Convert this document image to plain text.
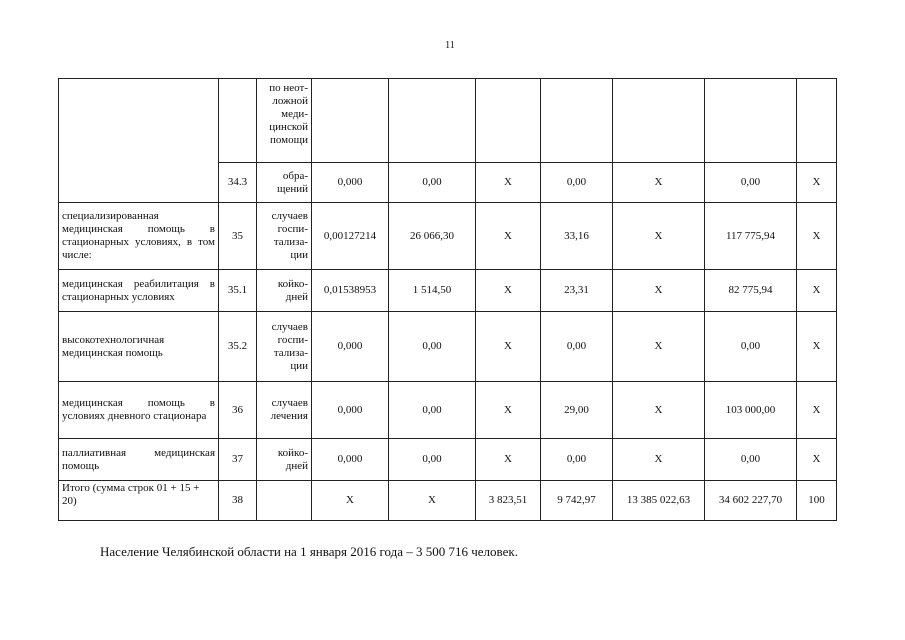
11
		по неот-ложной меди-цинской помощи							
	34.3	обра-щений	0,000	0,00	X	0,00	X	0,00	X
специализированная медицинская помощь в стационарных условиях, в том числе:	35	случаев госпи-тализа-ции	0,00127214	26 066,30	X	33,16	X	117 775,94	X
медицинская реабилитация в стационарных условиях	35.1	койко-дней	0,01538953	1 514,50	X	23,31	X	82 775,94	X
высокотехнологичная медицинская помощь	35.2	случаев госпи-тализа-ции	0,000	0,00	X	0,00	X	0,00	X
медицинская помощь в условиях дневного стационара	36	случаев лечения	0,000	0,00	X	29,00	X	103 000,00	X
паллиативная медицинская помощь	37	койко-дней	0,000	0,00	X	0,00	X	0,00	X
Итого (сумма строк 01 + 15 + 20)	38		X	X	3 823,51	9 742,97	13 385 022,63	34 602 227,70	100
Население Челябинской области на 1 января 2016 года – 3 500 716 человек.
